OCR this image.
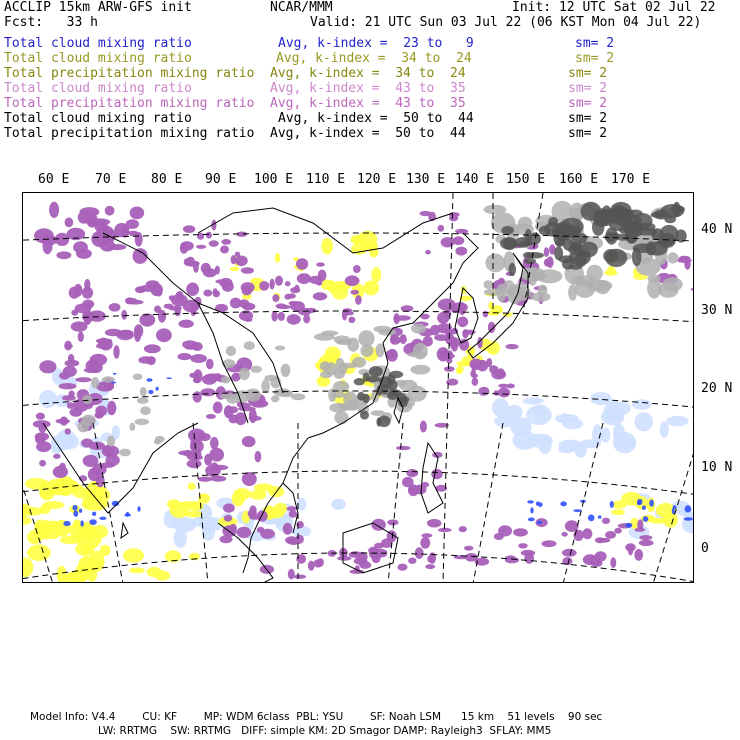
ACCLIP 15km ARW-GFS init	NCAR/MMM	Init: 12 UTC Sat 02 Jul 22
Fcst:   33 h	Valid: 21 UTC Sun 03 Jul 22 (06 KST Mon 04 Jul 22)
Total cloud mixing ratio	Avg, k-index =  23 to   9	sm= 2
Total cloud mixing ratio	Avg, k-index =  34 to  24	sm= 2
Total precipitation mixing ratio Avg, k-index =  34 to  24	sm= 2
Total cloud mixing ratio	Avg, k-index =  43 to  35	sm= 2
Total precipitation mixing ratio Avg, k-index =  43 to  35	sm= 2
Total cloud mixing ratio	Avg, k-index =  50 to  44	sm= 2
Total precipitation mixing ratio Avg, k-index =  50 to  44	sm= 2
60 E 70 E 80 E 90 E 100 E 110 E 120 E 130 E 140 E 150 E 160 E 170 E
40 N
30 N
20 N
10 N
0
Model Info: V4.4        CU: KF        MP: WDM 6class  PBL: YSU        SF: Noah LSM      15 km    51 levels    90 sec
LW: RRTMG    SW: RRTMG   DIFF: simple KM: 2D Smagor DAMP: Rayleigh3  SFLAY: MM5
